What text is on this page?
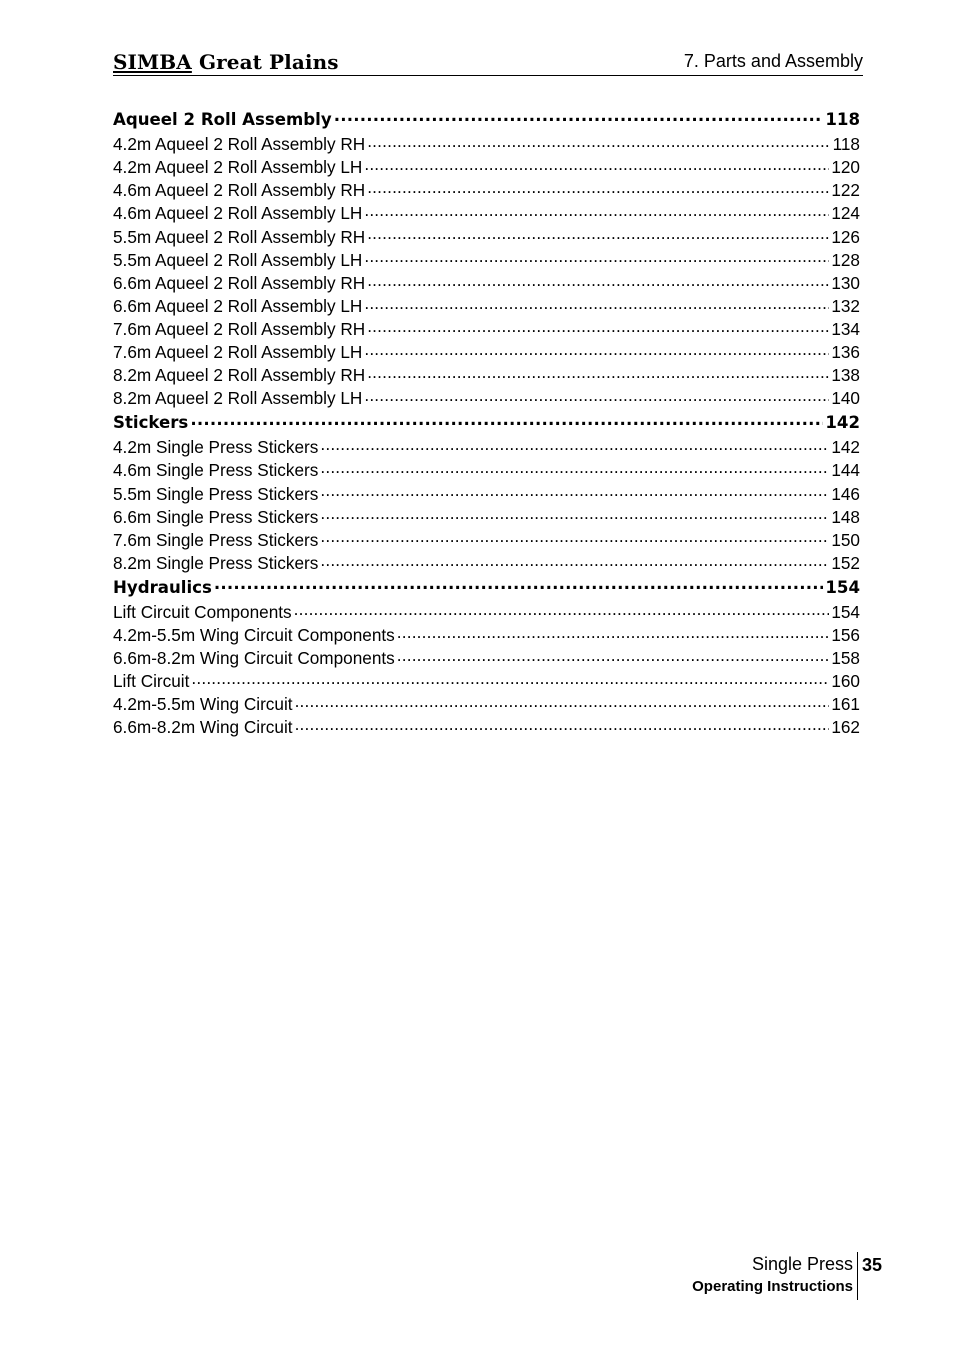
SIMBA Great Plains	7. Parts and Assembly
Aqueel 2 Roll Assembly .....	118
4.2m Aqueel 2 Roll Assembly RH .....	118
4.2m Aqueel 2 Roll Assembly LH .....	120
4.6m Aqueel 2 Roll Assembly RH .....	122
4.6m Aqueel 2 Roll Assembly LH .....	124
5.5m Aqueel 2 Roll Assembly RH .....	126
5.5m Aqueel 2 Roll Assembly LH .....	128
6.6m Aqueel 2 Roll Assembly RH .....	130
6.6m Aqueel 2 Roll Assembly LH .....	132
7.6m Aqueel 2 Roll Assembly RH .....	134
7.6m Aqueel 2 Roll Assembly LH .....	136
8.2m Aqueel 2 Roll Assembly RH .....	138
8.2m Aqueel 2 Roll Assembly LH .....	140
Stickers .....	142
4.2m Single Press Stickers .....	142
4.6m Single Press Stickers .....	144
5.5m Single Press Stickers .....	146
6.6m Single Press Stickers .....	148
7.6m Single Press Stickers .....	150
8.2m Single Press Stickers .....	152
Hydraulics .....	154
Lift Circuit Components .....	154
4.2m-5.5m Wing Circuit Components .....	156
6.6m-8.2m Wing Circuit Components .....	158
Lift Circuit .....	160
4.2m-5.5m Wing Circuit .....	161
6.6m-8.2m Wing Circuit .....	162
Single Press
Operating Instructions
35
